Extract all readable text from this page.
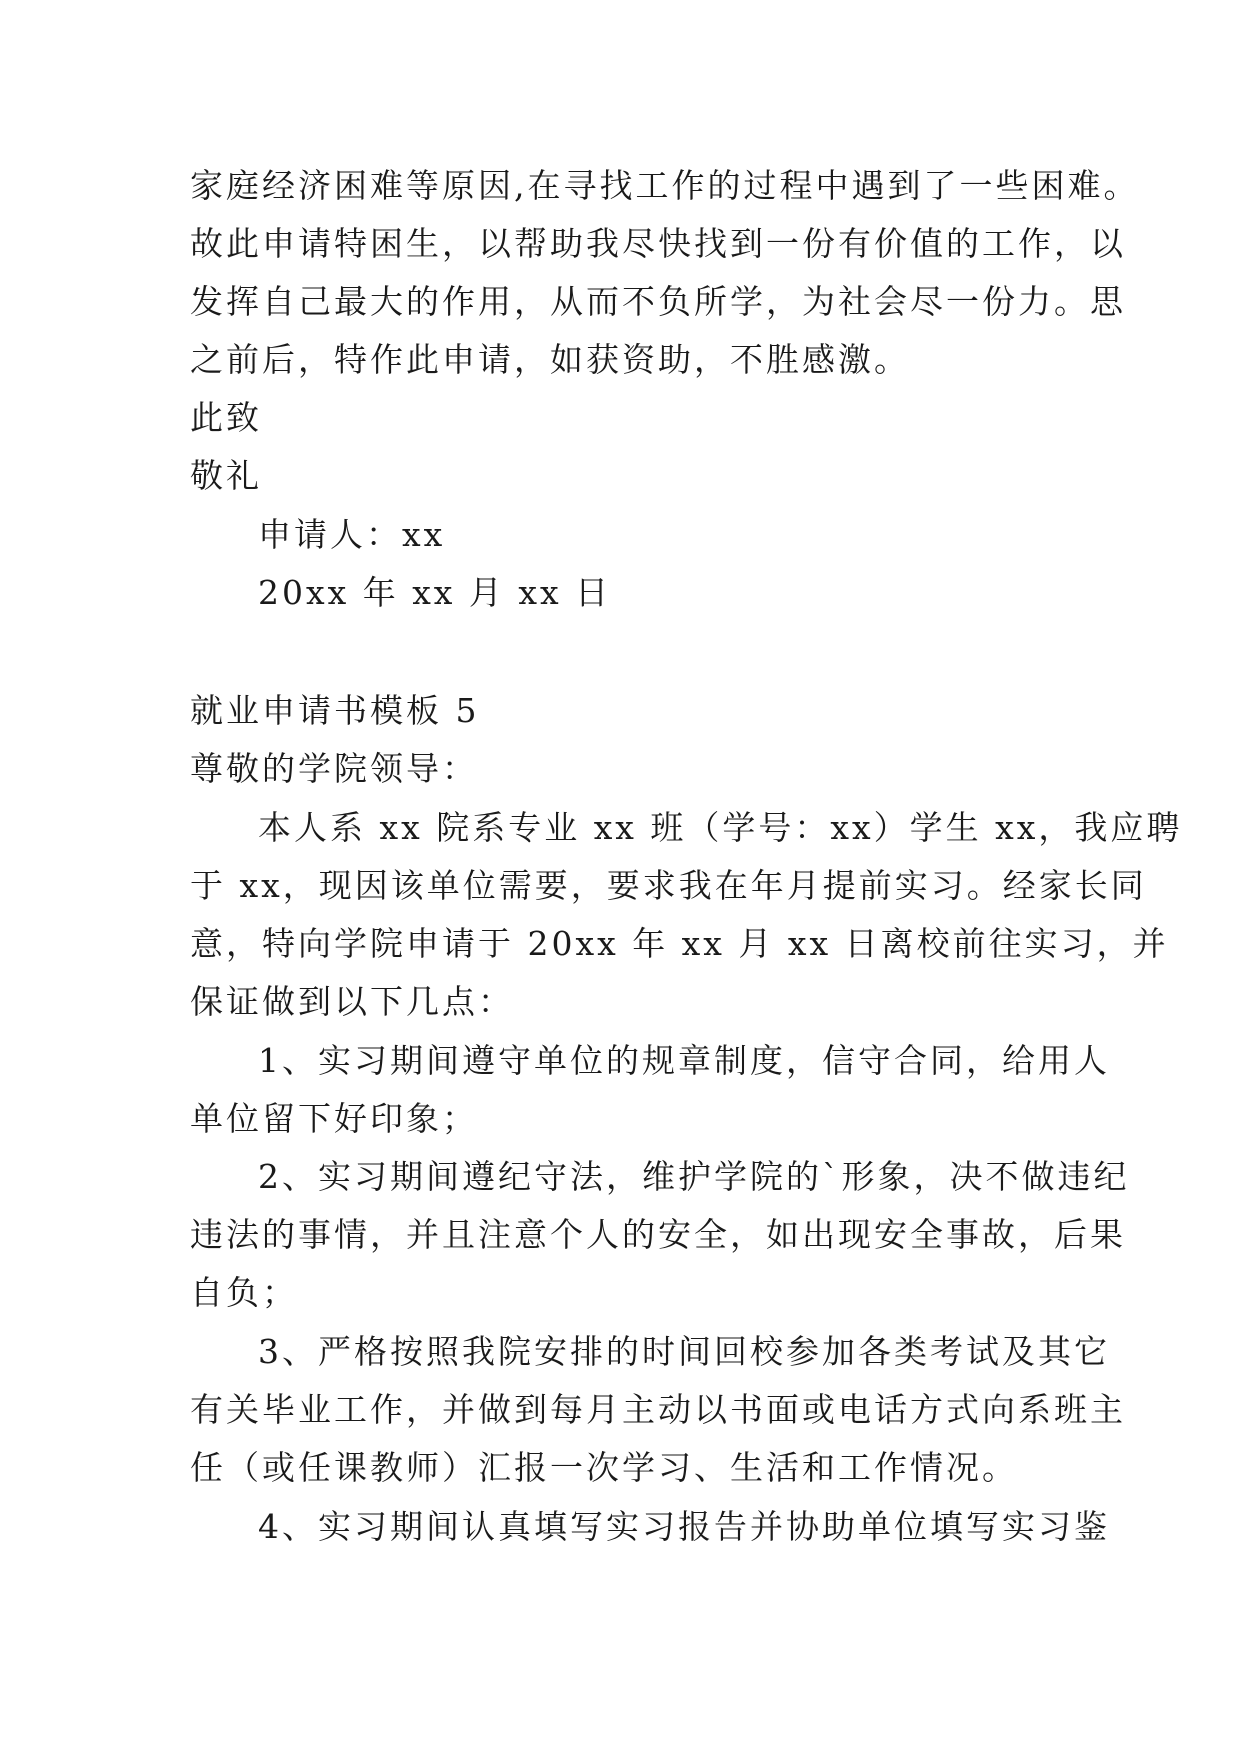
家庭经济困难等原因,在寻找工作的过程中遇到了一些困难。
故此申请特困生，以帮助我尽快找到一份有价值的工作，以
发挥自己最大的作用，从而不负所学，为社会尽一份力。思
之前后，特作此申请，如获资助，不胜感激。
此致
敬礼
申请人：xx
20xx 年 xx 月 xx 日
就业申请书模板 5
尊敬的学院领导：
本人系 xx 院系专业 xx 班（学号：xx）学生 xx，我应聘
于 xx，现因该单位需要，要求我在年月提前实习。经家长同
意，特向学院申请于 20xx 年 xx 月 xx 日离校前往实习，并
保证做到以下几点：
1、实习期间遵守单位的规章制度，信守合同，给用人
单位留下好印象；
2、实习期间遵纪守法，维护学院的`形象，决不做违纪
违法的事情，并且注意个人的安全，如出现安全事故，后果
自负；
3、严格按照我院安排的时间回校参加各类考试及其它
有关毕业工作，并做到每月主动以书面或电话方式向系班主
任（或任课教师）汇报一次学习、生活和工作情况。
4、实习期间认真填写实习报告并协助单位填写实习鉴
